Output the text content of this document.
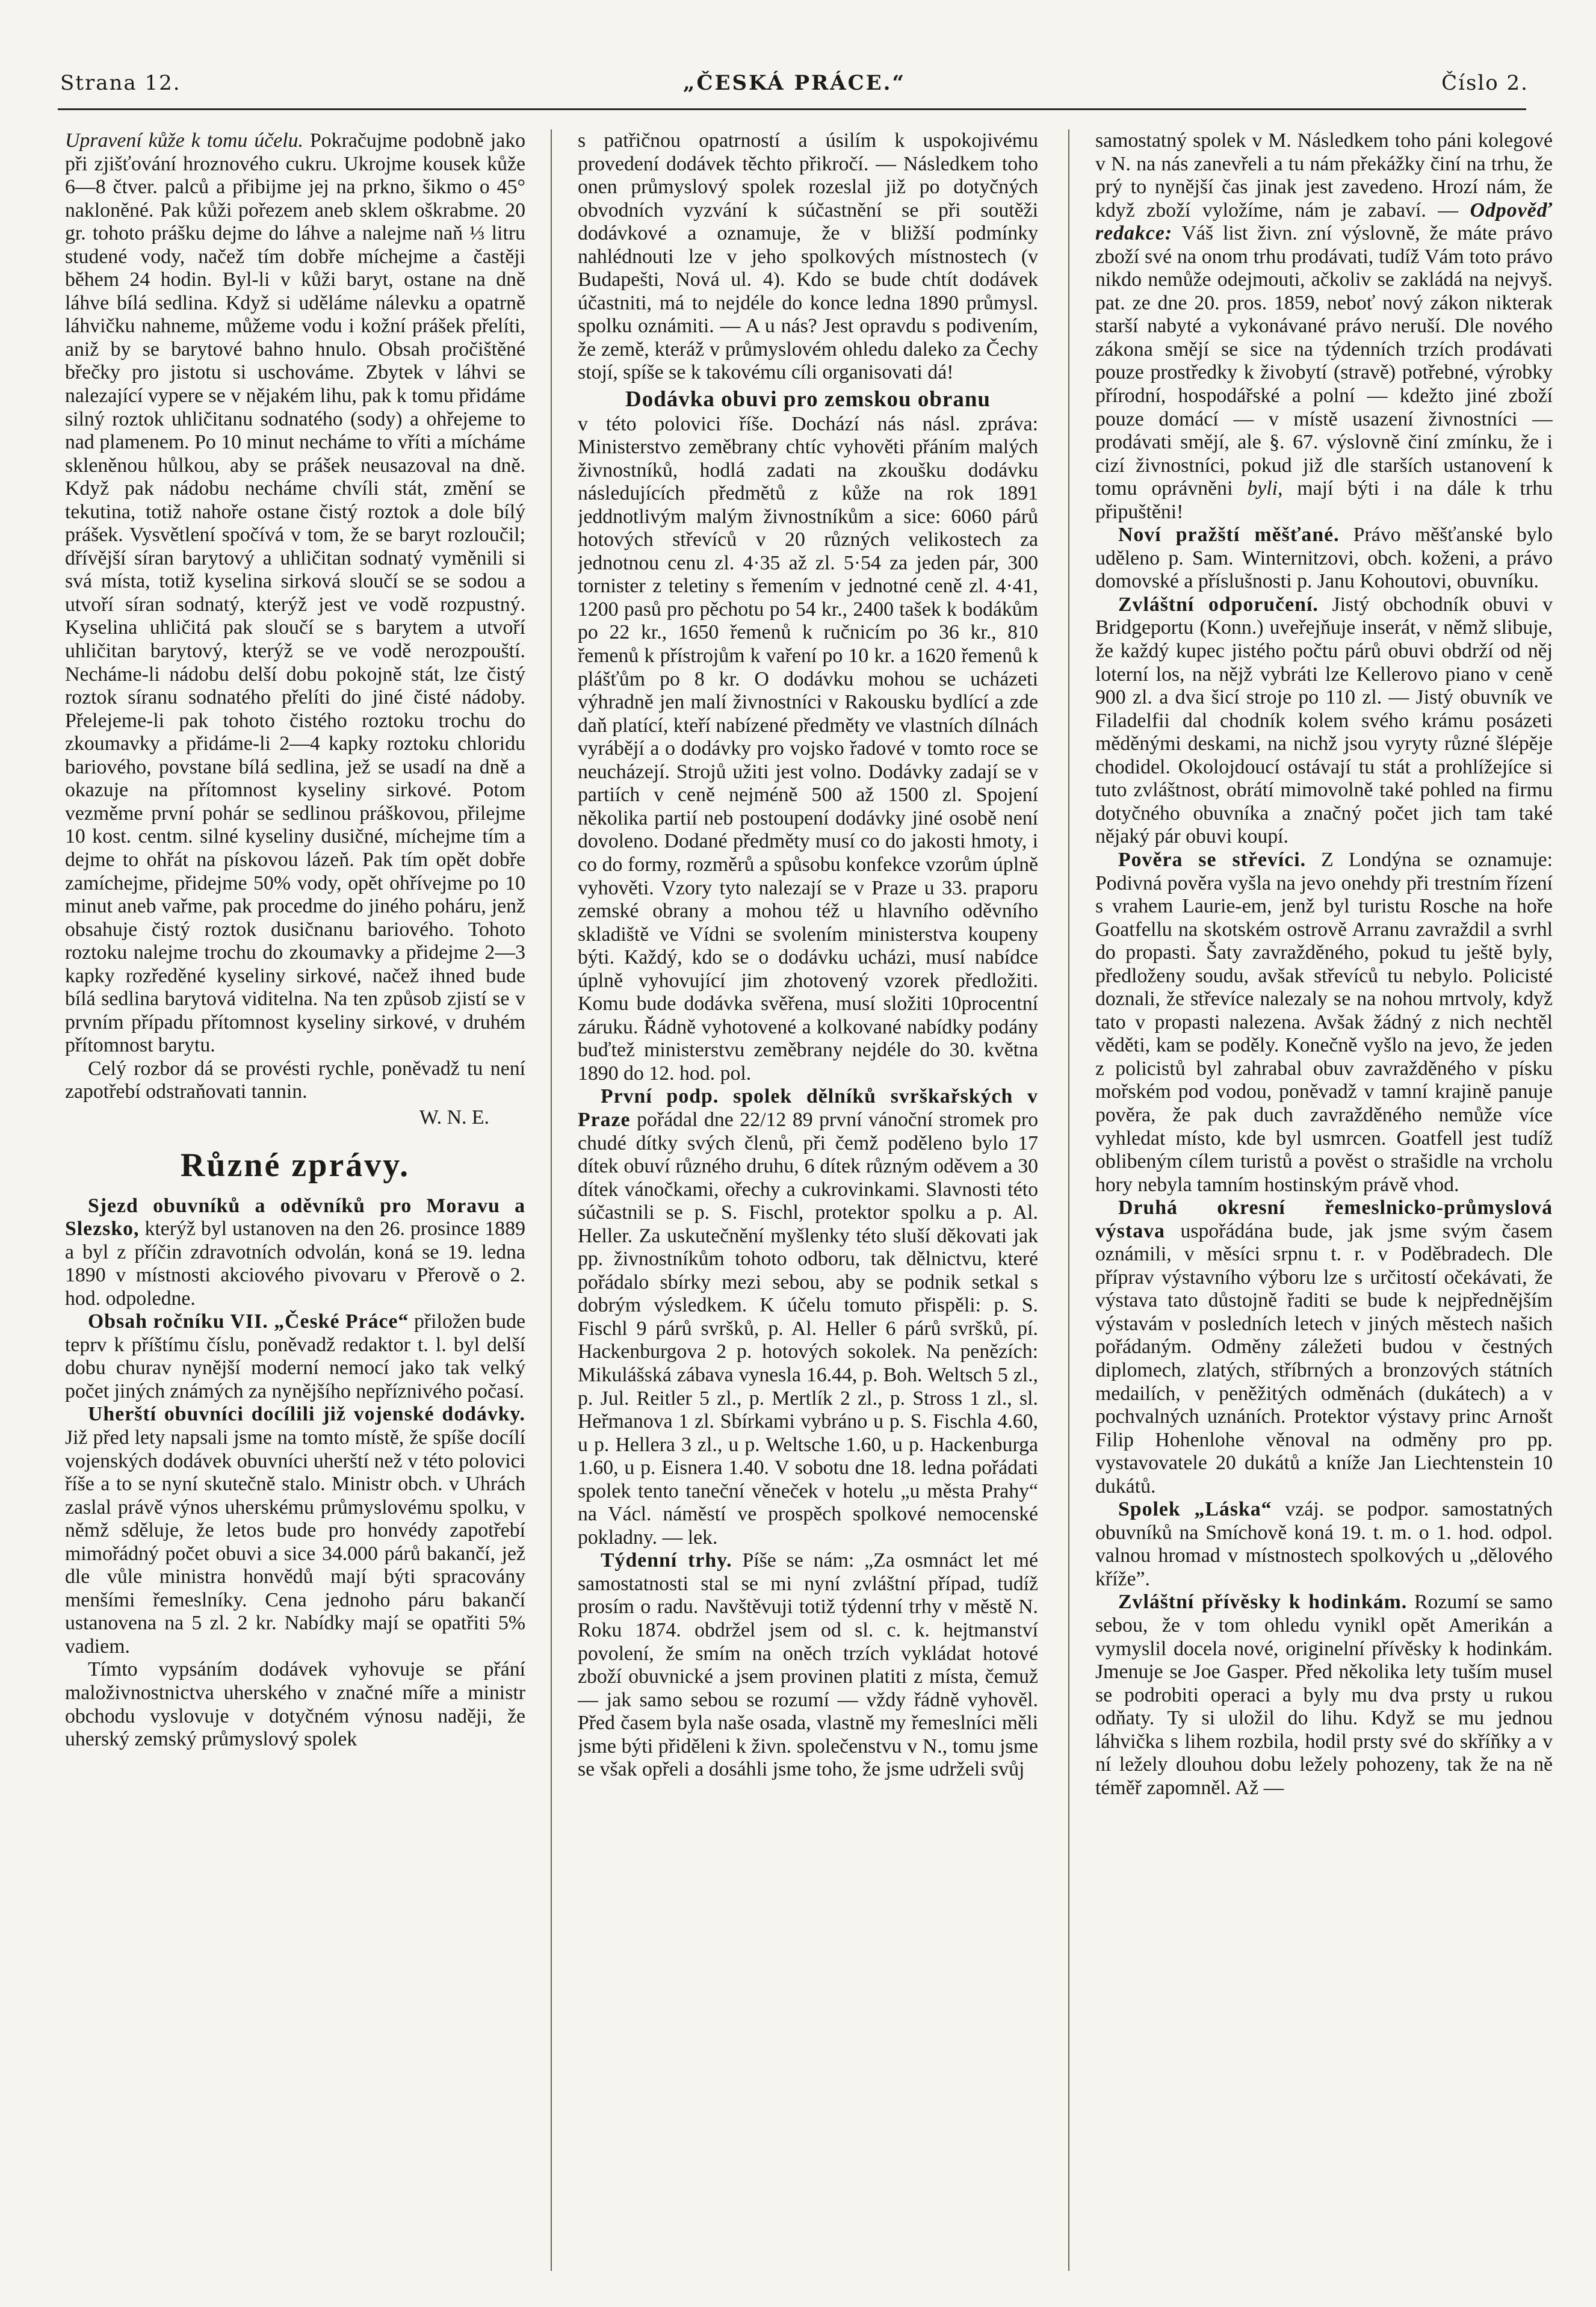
Strana 12.	„ČESKÁ PRÁCE.“	Číslo 2.

Upravení kůže k tomu účelu. Pokračujme podobně jako při zjišťování hroznového cukru. Ukrojme kousek kůže 6—8 čtver. palců a přibijme jej na prkno, šikmo o 45° nakloněné. Pak kůži pořezem aneb sklem oškrabme. 20 gr. tohoto prášku dejme do láhve a nalejme naň ⅓ litru studené vody, načež tím dobře míchejme a častěji během 24 hodin. Byl-li v kůži baryt, ostane na dně láhve bílá sedlina. Když si uděláme nálevku a opatrně láhvičku nahneme, můžeme vodu i kožní prášek přelíti, aniž by se barytové bahno hnulo. Obsah pročištěné břečky pro jistotu si uschováme. Zbytek v láhvi se nalezající vypere se v nějakém lihu, pak k tomu přidáme silný roztok uhličitanu sodnatého (sody) a ohřejeme to nad plamenem. Po 10 minut necháme to vříti a mícháme skleněnou hůlkou, aby se prášek neusazoval na dně. Když pak nádobu necháme chvíli stát, změní se tekutina, totiž nahoře ostane čistý roztok a dole bílý prášek. Vysvětlení spočívá v tom, že se baryt rozloučil; dřívější síran barytový a uhličitan sodnatý vyměnili si svá místa, totiž kyselina sirková sloučí se se sodou a utvoří síran sodnatý, kterýž jest ve vodě rozpustný. Kyselina uhličitá pak sloučí se s barytem a utvoří uhličitan barytový, kterýž se ve vodě nerozpouští. Necháme-li nádobu delší dobu pokojně stát, lze čistý roztok síranu sodnatého přelíti do jiné čisté nádoby. Přelejeme-li pak tohoto čistého roztoku trochu do zkoumavky a přidáme-li 2—4 kapky roztoku chloridu bariového, povstane bílá sedlina, jež se usadí na dně a okazuje na přítomnost kyseliny sirkové. Potom vezměme první pohár se sedlinou práškovou, přilejme 10 kost. centm. silné kyseliny dusičné, míchejme tím a dejme to ohřát na pískovou lázeň. Pak tím opět dobře zamíchejme, přidejme 50% vody, opět ohřívejme po 10 minut aneb vařme, pak procedme do jiného poháru, jenž obsahuje čistý roztok dusičnanu bariového. Tohoto roztoku nalejme trochu do zkoumavky a přidejme 2—3 kapky rozředěné kyseliny sirkové, načež ihned bude bílá sedlina barytová viditelna. Na ten způsob zjistí se v prvním případu přítomnost kyseliny sirkové, v druhém přítomnost barytu.

Celý rozbor dá se provésti rychle, poněvadž tu není zapotřebí odstraňovati tannin.

W. N. E.

Různé zprávy.

Sjezd obuvníků a oděvníků pro Moravu a Slezsko, kterýž byl ustanoven na den 26. prosince 1889 a byl z příčin zdravotních odvolán, koná se 19. ledna 1890 v místnosti akciového pivovaru v Přerově o 2. hod. odpoledne.

Obsah ročníku VII. „České Práce“ přiložen bude teprv k příštímu číslu, poněvadž redaktor t. l. byl delší dobu churav nynější moderní nemocí jako tak velký počet jiných známých za nynějšího nepříznivého počasí.

Uherští obuvníci docílili již vojenské dodávky. Již před lety napsali jsme na tomto místě, že spíše docílí vojenských dodávek obuvníci uherští než v této polovici říše a to se nyní skutečně stalo. Ministr obch. v Uhrách zaslal právě výnos uherskému průmyslovému spolku, v němž sděluje, že letos bude pro honvédy zapotřebí mimořádný počet obuvi a sice 34.000 párů bakančí, jež dle vůle ministra honvědů mají býti spracovány menšími řemeslníky. Cena jednoho páru bakančí ustanovena na 5 zl. 2 kr. Nabídky mají se opatřiti 5% vadiem.

Tímto vypsáním dodávek vyhovuje se přání maloživnostnictva uherského v značné míře a ministr obchodu vyslovuje v dotyčném výnosu naději, že uherský zemský průmyslový spolek

s patřičnou opatrností a úsilím k uspokojivému provedení dodávek těchto přikročí. — Následkem toho onen průmyslový spolek rozeslal již po dotyčných obvodních vyzvání k súčastnění se při soutěži dodávkové a oznamuje, že v bližší podmínky nahlédnouti lze v jeho spolkových místnostech (v Budapešti, Nová ul. 4). Kdo se bude chtít dodávek účastniti, má to nejdéle do konce ledna 1890 průmysl. spolku oznámiti. — A u nás? Jest opravdu s podivením, že země, kteráž v průmyslovém ohledu daleko za Čechy stojí, spíše se k takovému cíli organisovati dá!

Dodávka obuvi pro zemskou obranu

v této polovici říše. Dochází nás násl. zpráva: Ministerstvo zeměbrany chtíc vyhověti přáním malých živnostníků, hodlá zadati na zkoušku dodávku následujících předmětů z kůže na rok 1891 jeddnotlivým malým živnostníkům a sice: 6060 párů hotových střevíců v 20 různých velikostech za jednotnou cenu zl. 4·35 až zl. 5·54 za jeden pár, 300 tornister z teletiny s řemením v jednotné ceně zl. 4·41, 1200 pasů pro pěchotu po 54 kr., 2400 tašek k bodákům po 22 kr., 1650 řemenů k ručnicím po 36 kr., 810 řemenů k přístrojům k vaření po 10 kr. a 1620 řemenů k plášťům po 8 kr. O dodávku mohou se ucházeti výhradně jen malí živnostníci v Rakousku bydlící a zde daň platící, kteří nabízené předměty ve vlastních dílnách vyrábějí a o dodávky pro vojsko řadové v tomto roce se neucházejí. Strojů užiti jest volno. Dodávky zadají se v partiích v ceně nejméně 500 až 1500 zl. Spojení několika partií neb postoupení dodávky jiné osobě není dovoleno. Dodané předměty musí co do jakosti hmoty, i co do formy, rozměrů a spůsobu konfekce vzorům úplně vyhověti. Vzory tyto nalezají se v Praze u 33. praporu zemské obrany a mohou též u hlavního oděvního skladiště ve Vídni se svolením ministerstva koupeny býti. Každý, kdo se o dodávku ucházi, musí nabídce úplně vyhovující jim zhotovený vzorek předložiti. Komu bude dodávka svěřena, musí složiti 10procentní záruku. Řádně vyhotovené a kolkované nabídky podány buďtež ministerstvu zeměbrany nejdéle do 30. května 1890 do 12. hod. pol.

První podp. spolek dělníků svrškařských v Praze pořádal dne 22/12 89 první vánoční stromek pro chudé dítky svých členů, při čemž poděleno bylo 17 dítek obuví různého druhu, 6 dítek různým oděvem a 30 dítek vánočkami, ořechy a cukrovinkami. Slavnosti této súčastnili se p. S. Fischl, protektor spolku a p. Al. Heller. Za uskutečnění myšlenky této sluší děkovati jak pp. živnostníkům tohoto odboru, tak dělnictvu, které pořádalo sbírky mezi sebou, aby se podnik setkal s dobrým výsledkem. K účelu tomuto přispěli: p. S. Fischl 9 párů svršků, p. Al. Heller 6 párů svršků, pí. Hackenburgova 2 p. hotových sokolek. Na penězích: Mikulášská zábava vynesla 16.44, p. Boh. Weltsch 5 zl., p. Jul. Reitler 5 zl., p. Mertlík 2 zl., p. Stross 1 zl., sl. Heřmanova 1 zl. Sbírkami vybráno u p. S. Fischla 4.60, u p. Hellera 3 zl., u p. Weltsche 1.60, u p. Hackenburga 1.60, u p. Eisnera 1.40. V sobotu dne 18. ledna pořádati spolek tento taneční věneček v hotelu „u města Prahy“ na Václ. náměstí ve prospěch spolkové nemocenské pokladny. — lek.

Týdenní trhy. Píše se nám: „Za osmnáct let mé samostatnosti stal se mi nyní zvláštní případ, tudíž prosím o radu. Navštěvuji totiž týdenní trhy v městě N. Roku 1874. obdržel jsem od sl. c. k. hejtmanství povolení, že smím na oněch trzích vykládat hotové zboží obuvnické a jsem provinen platiti z místa, čemuž — jak samo sebou se rozumí — vždy řádně vyhověl. Před časem byla naše osada, vlastně my řemeslníci měli jsme býti přiděleni k živn. společenstvu v N., tomu jsme se však opřeli a dosáhli jsme toho, že jsme udrželi svůj

samostatný spolek v M. Následkem toho páni kolegové v N. na nás zanevřeli a tu nám překážky činí na trhu, že prý to nynější čas jinak jest zavedeno. Hrozí nám, že když zboží vyložíme, nám je zabaví. — Odpověď redakce: Váš list živn. zní výslovně, že máte právo zboží své na onom trhu prodávati, tudíž Vám toto právo nikdo nemůže odejmouti, ačkoliv se zakládá na nejvyš. pat. ze dne 20. pros. 1859, neboť nový zákon nikterak starší nabyté a vykonávané právo neruší. Dle nového zákona smějí se sice na týdenních trzích prodávati pouze prostředky k živobytí (stravě) potřebné, výrobky přírodní, hospodářské a polní — kdežto jiné zboží pouze domácí — v místě usazení živnostníci — prodávati smějí, ale §. 67. výslovně činí zmínku, že i cizí živnostníci, pokud již dle starších ustanovení k tomu oprávněni byli, mají býti i na dále k trhu připuštěni!

Noví pražští měšťané. Právo měšťanské bylo uděleno p. Sam. Winternitzovi, obch. koženi, a právo domovské a příslušnosti p. Janu Kohoutovi, obuvníku.

Zvláštní odporučení. Jistý obchodník obuvi v Bridgeportu (Konn.) uveřejňuje inserát, v němž slibuje, že každý kupec jistého počtu párů obuvi obdrží od něj loterní los, na nějž vybráti lze Kellerovo piano v ceně 900 zl. a dva šicí stroje po 110 zl. — Jistý obuvník ve Filadelfii dal chodník kolem svého krámu posázeti měděnými deskami, na nichž jsou vyryty různé šlépěje chodidel. Okolojdoucí ostávají tu stát a prohlížejíce si tuto zvláštnost, obrátí mimovolně také pohled na firmu dotyčného obuvníka a značný počet jich tam také nějaký pár obuvi koupí.

Pověra se střevíci. Z Londýna se oznamuje: Podivná pověra vyšla na jevo onehdy při trestním řízení s vrahem Laurie-em, jenž byl turistu Rosche na hoře Goatfellu na skotském ostrově Arranu zavraždil a svrhl do propasti. Šaty zavražděného, pokud tu ještě byly, předloženy soudu, avšak střevíců tu nebylo. Policisté doznali, že střevíce nalezaly se na nohou mrtvoly, když tato v propasti nalezena. Avšak žádný z nich nechtěl věděti, kam se poděly. Konečně vyšlo na jevo, že jeden z policistů byl zahrabal obuv zavražděného v písku mořském pod vodou, poněvadž v tamní krajině panuje pověra, že pak duch zavražděného nemůže více vyhledat místo, kde byl usmrcen. Goatfell jest tudíž oblibeným cílem turistů a pověst o strašidle na vrcholu hory nebyla tamním hostinským právě vhod.

Druhá okresní řemeslnicko-průmyslová výstava uspořádána bude, jak jsme svým časem oznámili, v měsíci srpnu t. r. v Poděbradech. Dle příprav výstavního výboru lze s určitostí očekávati, že výstava tato důstojně řaditi se bude k nejpřednějším výstavám v posledních letech v jiných městech našich pořádaným. Odměny záležeti budou v čestných diplomech, zlatých, stříbrných a bronzových státních medailích, v peněžitých odměnách (dukátech) a v pochvalných uznáních. Protektor výstavy princ Arnošt Filip Hohenlohe věnoval na odměny pro pp. vystavovatele 20 dukátů a kníže Jan Liechtenstein 10 dukátů.

Spolek „Láska“ vzáj. se podpor. samostatných obuvníků na Smíchově koná 19. t. m. o 1. hod. odpol. valnou hromad v místnostech spolkových u „dělového křížeˮ.

Zvláštní přívěsky k hodinkám. Rozumí se samo sebou, že v tom ohledu vynikl opět Amerikán a vymyslil docela nové, originelní přívěsky k hodinkám. Jmenuje se Joe Gasper. Před několika lety tuším musel se podrobiti operaci a byly mu dva prsty u rukou odňaty. Ty si uložil do lihu. Když se mu jednou láhvička s lihem rozbila, hodil prsty své do skříňky a v ní ležely dlouhou dobu ležely pohozeny, tak že na ně téměř zapomněl. Až —
